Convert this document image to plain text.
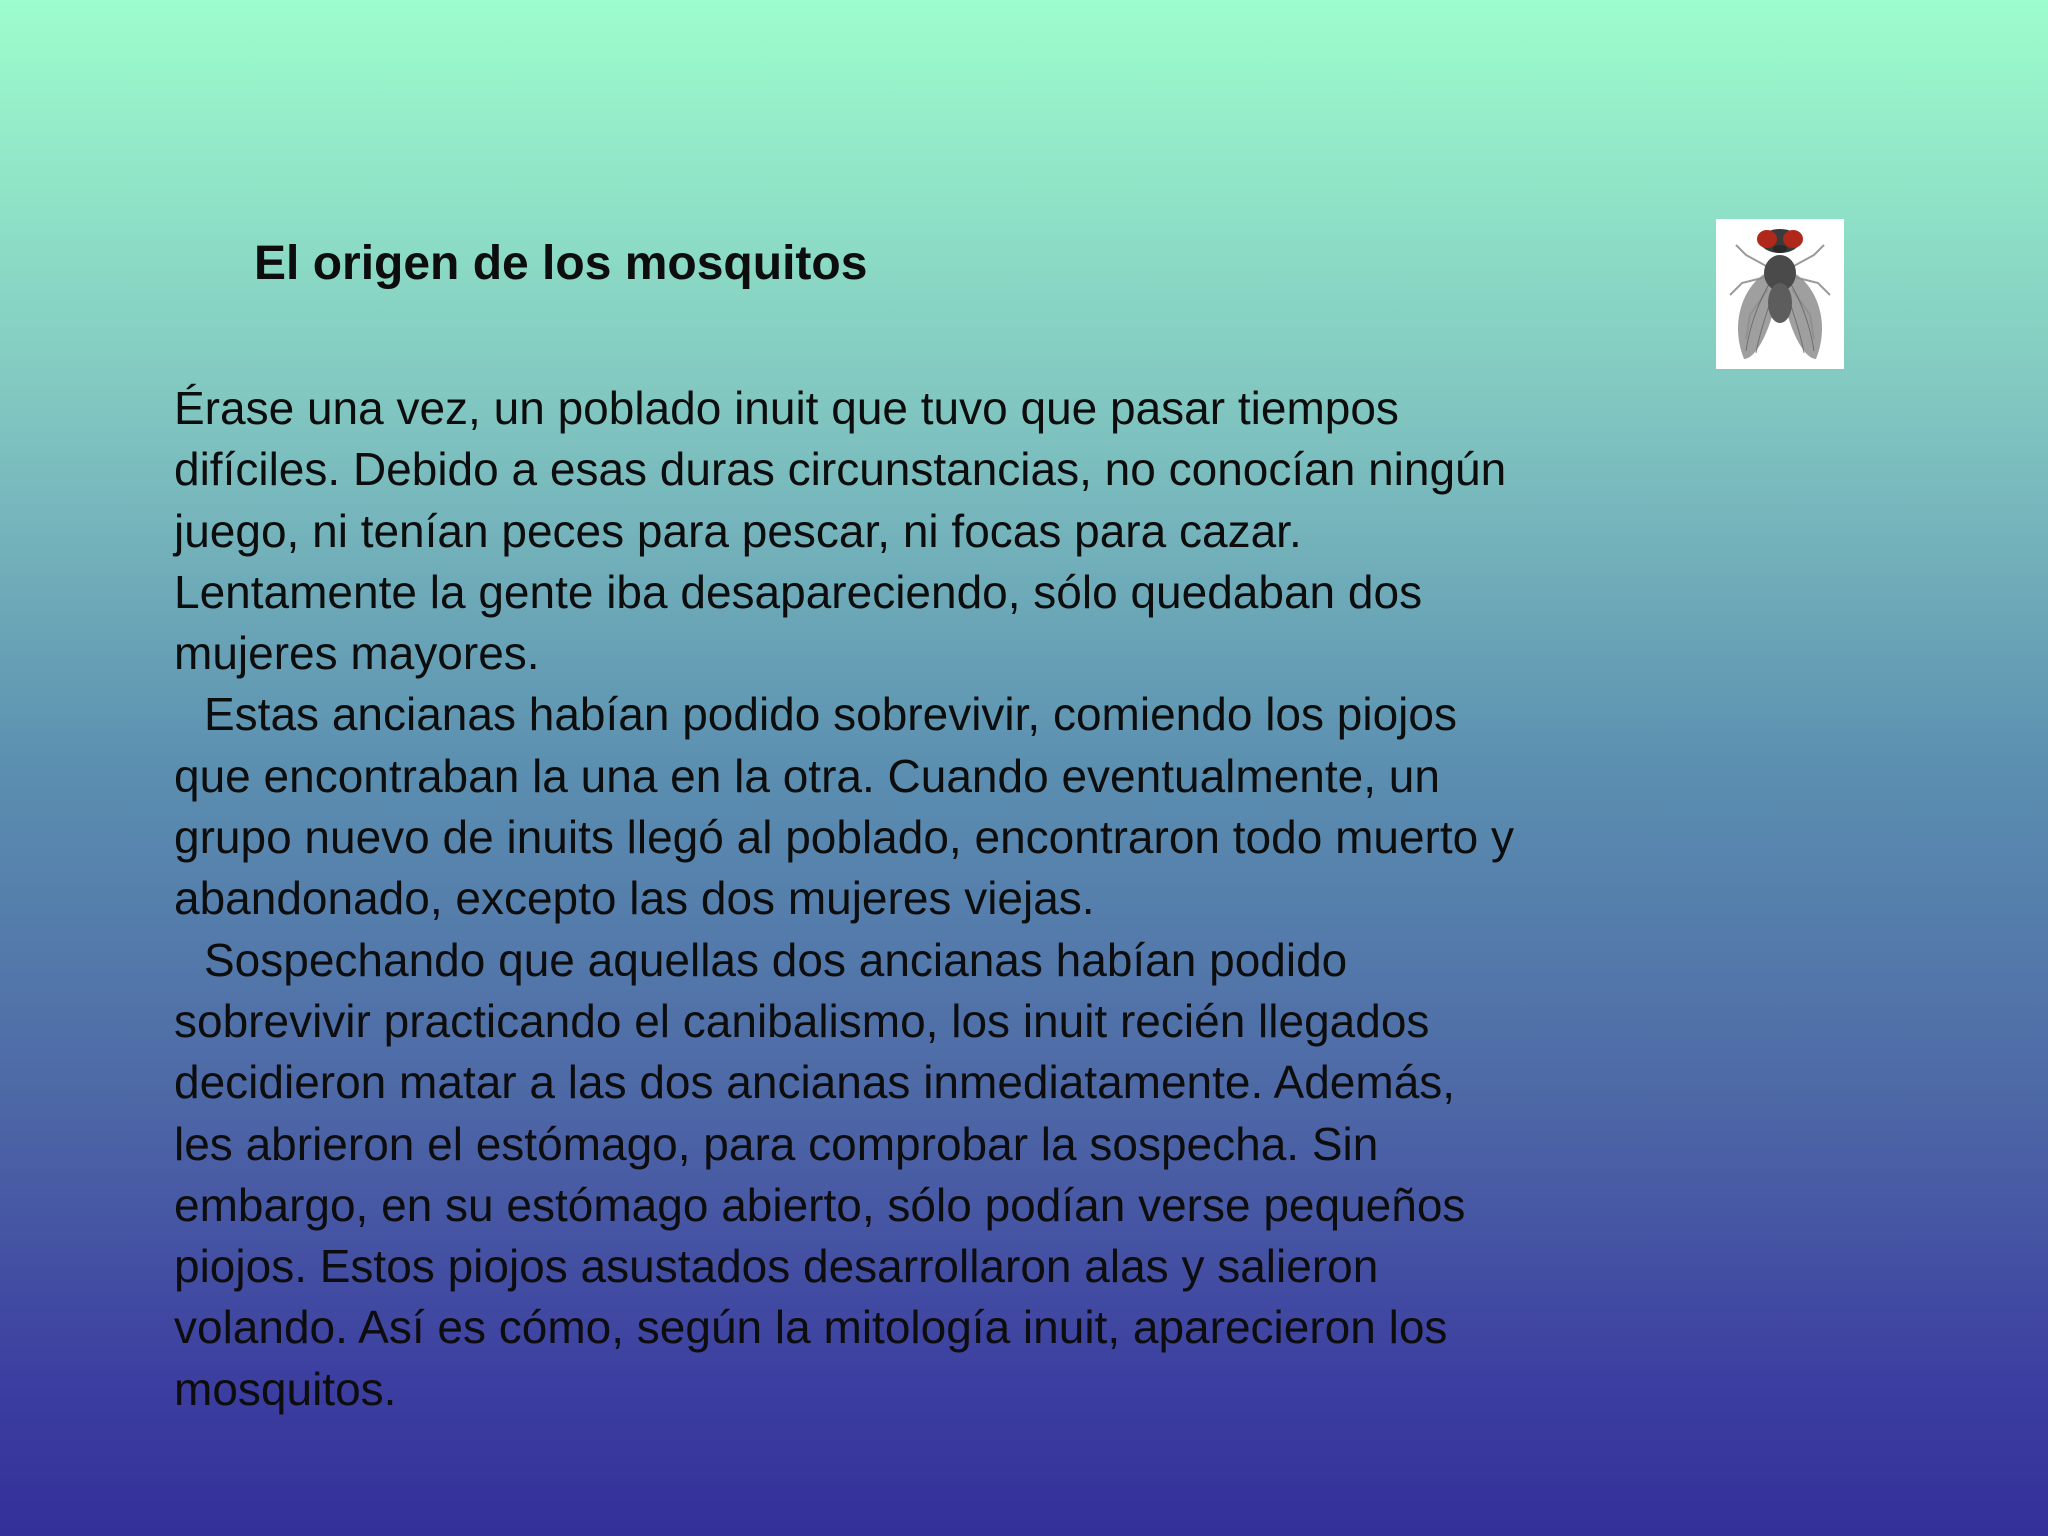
El origen de los mosquitos
Érase una vez, un poblado inuit que tuvo que pasar tiempos
difíciles. Debido a esas duras circunstancias, no conocían ningún
juego, ni tenían peces para pescar, ni focas para cazar.
Lentamente la gente iba desapareciendo, sólo quedaban dos
mujeres mayores.
Estas ancianas habían podido sobrevivir, comiendo los piojos
que encontraban la una en la otra. Cuando eventualmente, un
grupo nuevo de inuits llegó al poblado, encontraron todo muerto y
abandonado, excepto las dos mujeres viejas.
Sospechando que aquellas dos ancianas habían podido
sobrevivir practicando el canibalismo, los inuit recién llegados
decidieron matar a las dos ancianas inmediatamente. Además,
les abrieron el estómago, para comprobar la sospecha. Sin
embargo, en su estómago abierto, sólo podían verse pequeños
piojos. Estos piojos asustados desarrollaron alas y salieron
volando. Así es cómo, según la mitología inuit, aparecieron los
mosquitos.
